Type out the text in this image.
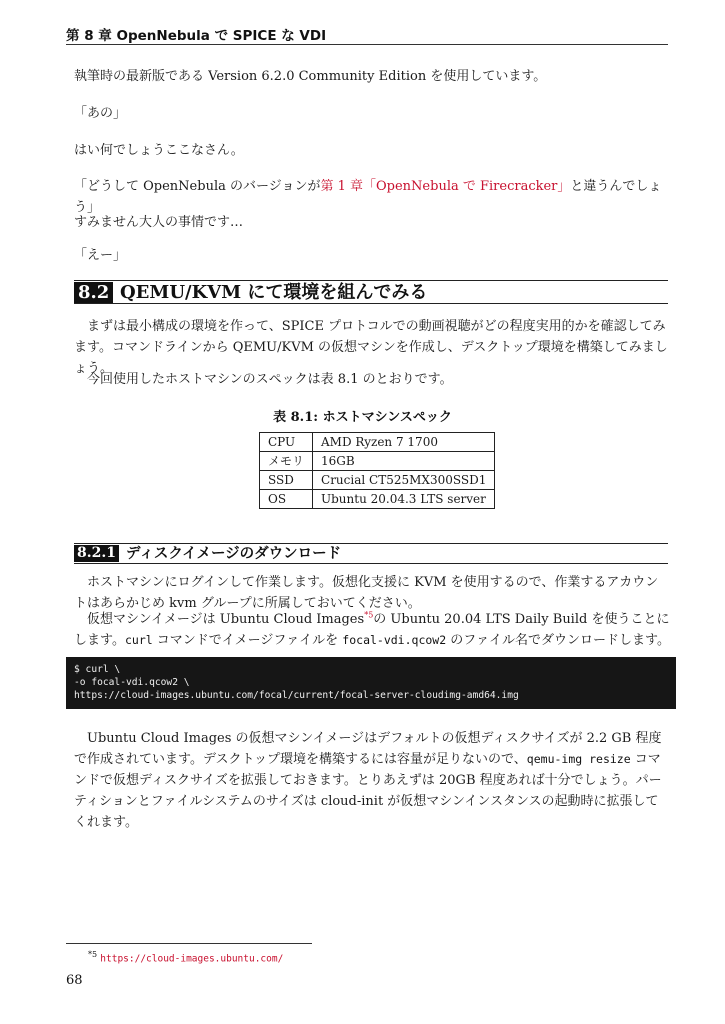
第 8 章 OpenNebula で SPICE な VDI

執筆時の最新版である Version 6.2.0 Community Edition を使用しています。

「あの」

はい何でしょうここなさん。

「どうして OpenNebula のバージョンが第 1 章「OpenNebula で Firecracker」と違うんでしょう」

すみません大人の事情です…

「えー」

8.2 QEMU/KVM にて環境を組んでみる

まずは最小構成の環境を作って、SPICE プロトコルでの動画視聴がどの程度実用的かを確認してみます。コマンドラインから QEMU/KVM の仮想マシンを作成し、デスクトップ環境を構築してみましょう。

今回使用したホストマシンのスペックは表 8.1 のとおりです。

表 8.1: ホストマシンスペック
CPU	AMD Ryzen 7 1700
メモリ	16GB
SSD	Crucial CT525MX300SSD1
OS	Ubuntu 20.04.3 LTS server
8.2.1 ディスクイメージのダウンロード

ホストマシンにログインして作業します。仮想化支援に KVM を使用するので、作業するアカウントはあらかじめ kvm グループに所属しておいてください。

仮想マシンイメージは Ubuntu Cloud Images$^{*5}$の Ubuntu 20.04 LTS Daily Build を使うことにします。curl コマンドでイメージファイルを focal-vdi.qcow2 のファイル名でダウンロードします。

$ curl \
-o focal-vdi.qcow2 \
https://cloud-images.ubuntu.com/focal/current/focal-server-cloudimg-amd64.img

Ubuntu Cloud Images の仮想マシンイメージはデフォルトの仮想ディスクサイズが 2.2 GB 程度で作成されています。デスクトップ環境を構築するには容量が足りないので、qemu-img resize コマンドで仮想ディスクサイズを拡張しておきます。とりあえずは 20GB 程度あれば十分でしょう。パーティションとファイルシステムのサイズは cloud-init が仮想マシンインスタンスの起動時に拡張してくれます。

$^{*5}$ https://cloud-images.ubuntu.com/
68
